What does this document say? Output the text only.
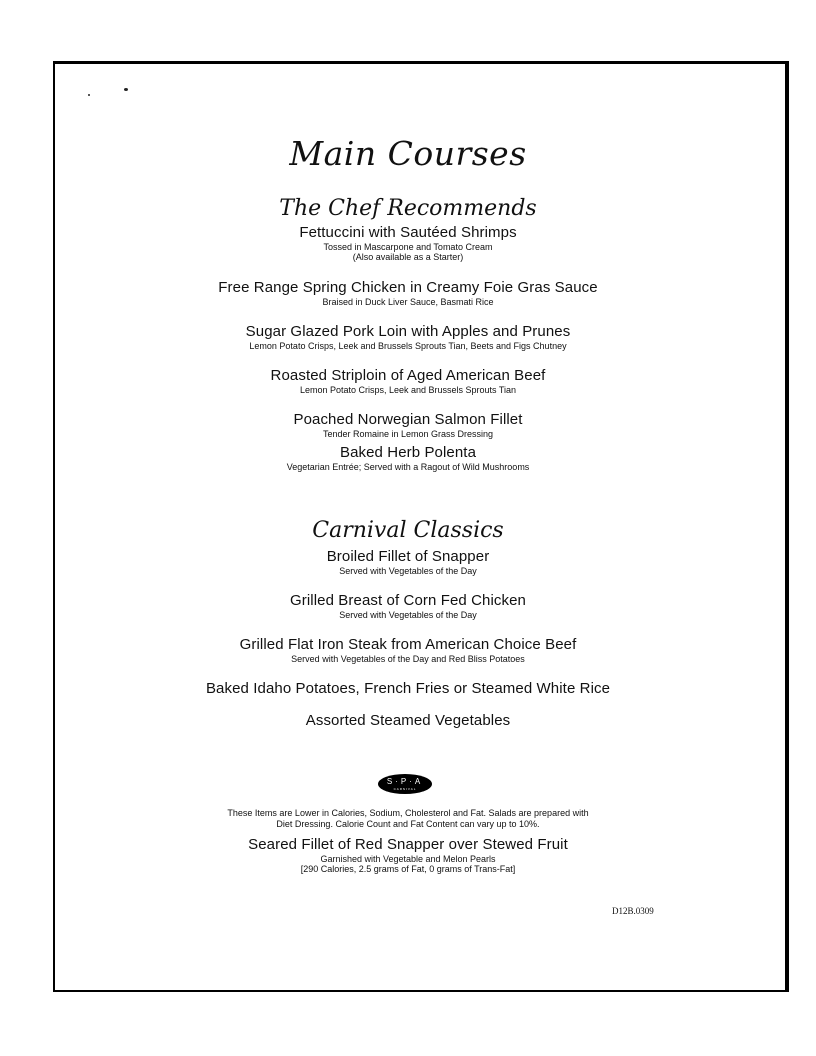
Main Courses
The Chef Recommends
Fettuccini with Sautéed Shrimps
Tossed in Mascarpone and Tomato Cream
(Also available as a Starter)
Free Range Spring Chicken in Creamy Foie Gras Sauce
Braised in Duck Liver Sauce, Basmati Rice
Sugar Glazed Pork Loin with Apples and Prunes
Lemon Potato Crisps, Leek and Brussels Sprouts Tian, Beets and Figs Chutney
Roasted Striploin of Aged American Beef
Lemon Potato Crisps, Leek and Brussels Sprouts Tian
Poached Norwegian Salmon Fillet
Tender Romaine in Lemon Grass Dressing
Baked Herb Polenta
Vegetarian Entrée; Served with a Ragout of Wild Mushrooms
Carnival Classics
Broiled Fillet of Snapper
Served with Vegetables of the Day
Grilled Breast of Corn Fed Chicken
Served with Vegetables of the Day
Grilled Flat Iron Steak from American Choice Beef
Served with Vegetables of the Day and Red Bliss Potatoes
Baked Idaho Potatoes, French Fries or Steamed White Rice
Assorted Steamed Vegetables
S·P·A
CARNIVAL
These Items are Lower in Calories, Sodium, Cholesterol and Fat. Salads are prepared with
Diet Dressing. Calorie Count and Fat Content can vary up to 10%.
Seared Fillet of Red Snapper over Stewed Fruit
Garnished with Vegetable and Melon Pearls
[290 Calories, 2.5 grams of Fat, 0 grams of Trans-Fat]
D12B.0309
